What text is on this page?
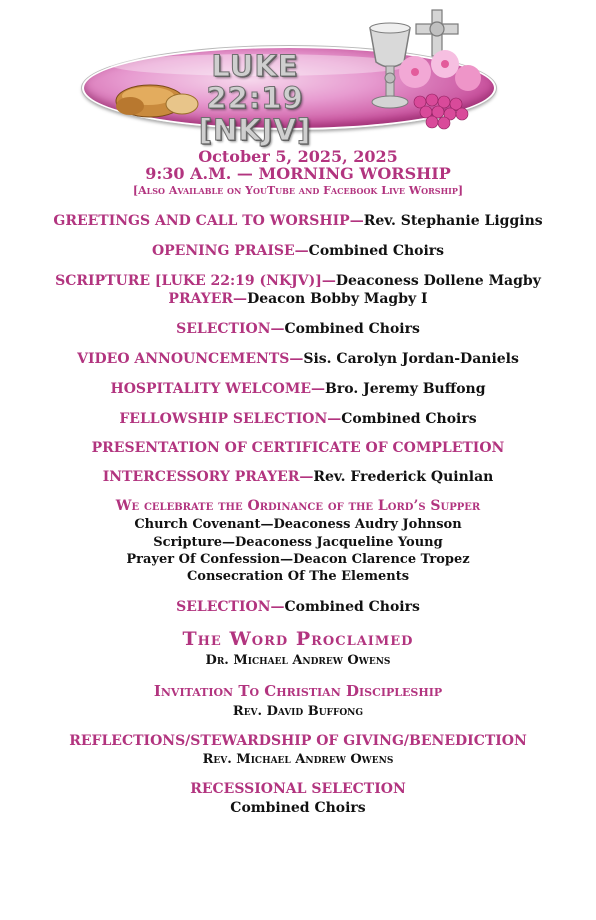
LUKE 22:19
[NKJV]
October 5, 2025, 2025
9:30 A.M. — MORNING WORSHIP
[Also Available on YouTube and Facebook Live Worship]
GREETINGS AND CALL TO WORSHIP—Rev. Stephanie Liggins
OPENING PRAISE—Combined Choirs
SCRIPTURE [LUKE 22:19 (NKJV)]—Deaconess Dollene Magby
PRAYER—Deacon Bobby Magby I
SELECTION—Combined Choirs
VIDEO ANNOUNCEMENTS—Sis. Carolyn Jordan-Daniels
HOSPITALITY WELCOME—Bro. Jeremy Buffong
FELLOWSHIP SELECTION—Combined Choirs
PRESENTATION OF CERTIFICATE OF COMPLETION
INTERCESSORY PRAYER—Rev. Frederick Quinlan
We celebrate the Ordinance of the Lord’s Supper
Church Covenant—Deaconess Audry Johnson
Scripture—Deaconess Jacqueline Young
Prayer Of Confession—Deacon Clarence Tropez
Consecration Of The Elements
SELECTION—Combined Choirs
The Word Proclaimed
Dr. Michael Andrew Owens
Invitation To Christian Discipleship
Rev. David Buffong
REFLECTIONS/STEWARDSHIP OF GIVING/BENEDICTION
Rev. Michael Andrew Owens
RECESSIONAL SELECTION
Combined Choirs
